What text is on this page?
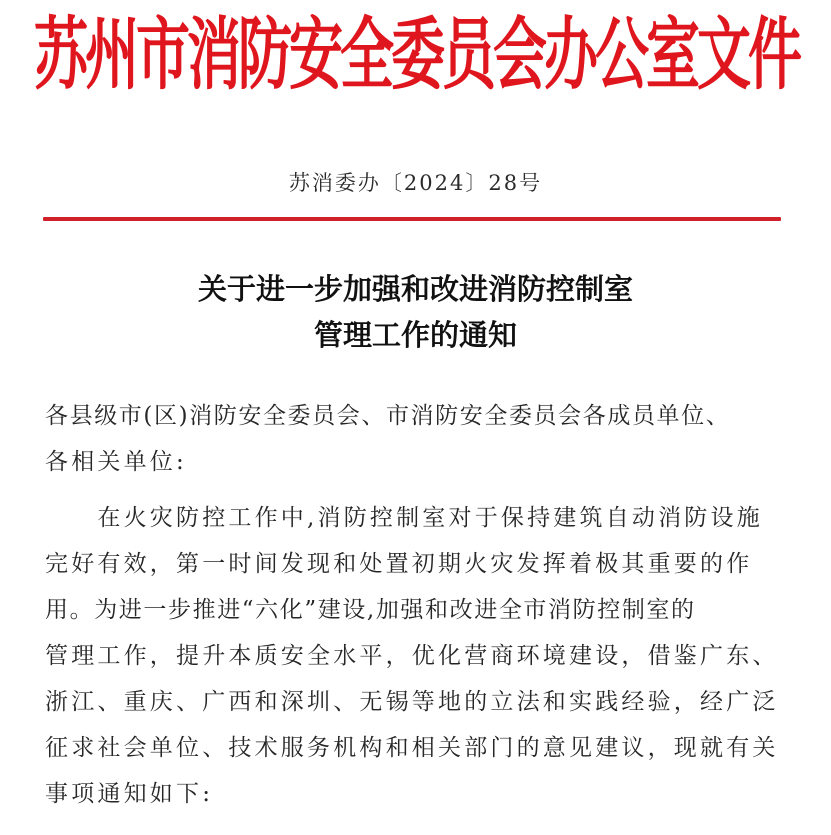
苏
州
市
消
防
安
全
委
员
会
办
公
室
文
件
苏消委办〔2024〕28号
关于进一步加强和改进消防控制室
管理工作的通知
各县级市(区)消防安全委员会、市消防安全委员会各成员单位、
各相关单位:
　　在火灾防控工作中,消防控制室对于保持建筑自动消防设施
完好有效，第一时间发现和处置初期火灾发挥着极其重要的作
用。为进一步推进“六化”建设,加强和改进全市消防控制室的
管理工作，提升本质安全水平，优化营商环境建设，借鉴广东、
浙江、重庆、广西和深圳、无锡等地的立法和实践经验，经广泛
征求社会单位、技术服务机构和相关部门的意见建议，现就有关
事项通知如下:
